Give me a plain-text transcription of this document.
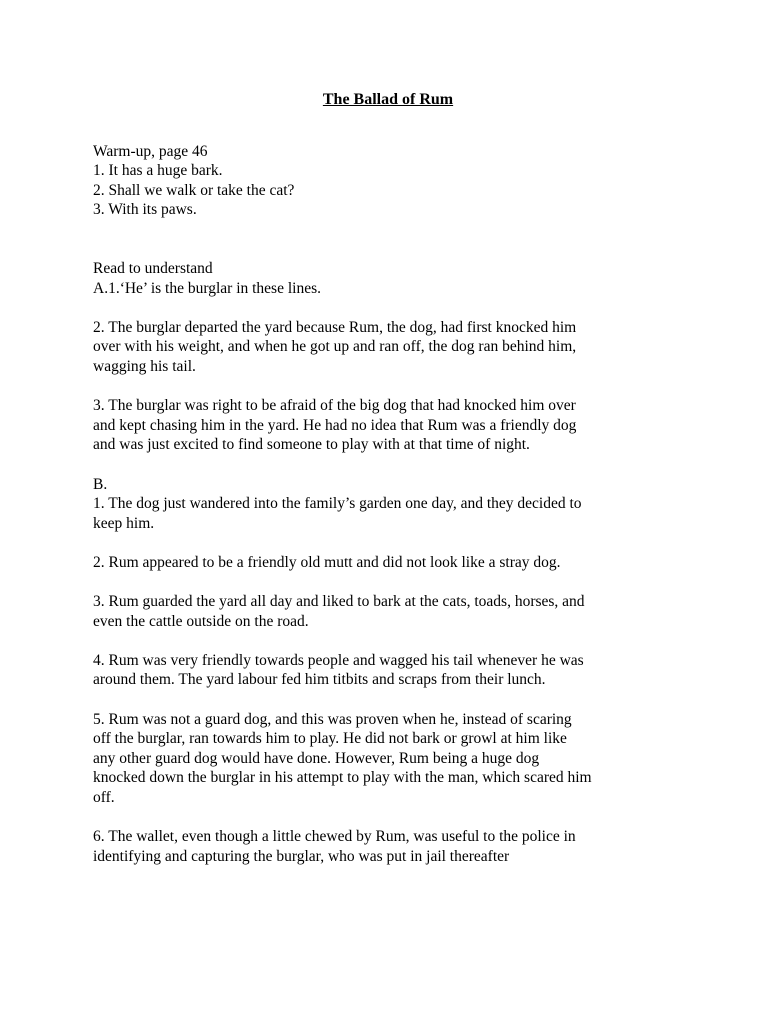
The Ballad of Rum
Warm-up, page 46
1. It has a huge bark.
2. Shall we walk or take the cat?
3. With its paws.
Read to understand
A.1.‘He’ is the burglar in these lines.
2. The burglar departed the yard because Rum, the dog, had first knocked him
over with his weight, and when he got up and ran off, the dog ran behind him,
wagging his tail.
3. The burglar was right to be afraid of the big dog that had knocked him over
and kept chasing him in the yard. He had no idea that Rum was a friendly dog
and was just excited to find someone to play with at that time of night.
B.
1. The dog just wandered into the family’s garden one day, and they decided to
keep him.
2. Rum appeared to be a friendly old mutt and did not look like a stray dog.
3. Rum guarded the yard all day and liked to bark at the cats, toads, horses, and
even the cattle outside on the road.
4. Rum was very friendly towards people and wagged his tail whenever he was
around them. The yard labour fed him titbits and scraps from their lunch.
5. Rum was not a guard dog, and this was proven when he, instead of scaring
off the burglar, ran towards him to play. He did not bark or growl at him like
any other guard dog would have done. However, Rum being a huge dog
knocked down the burglar in his attempt to play with the man, which scared him
off.
6. The wallet, even though a little chewed by Rum, was useful to the police in
identifying and capturing the burglar, who was put in jail thereafter
